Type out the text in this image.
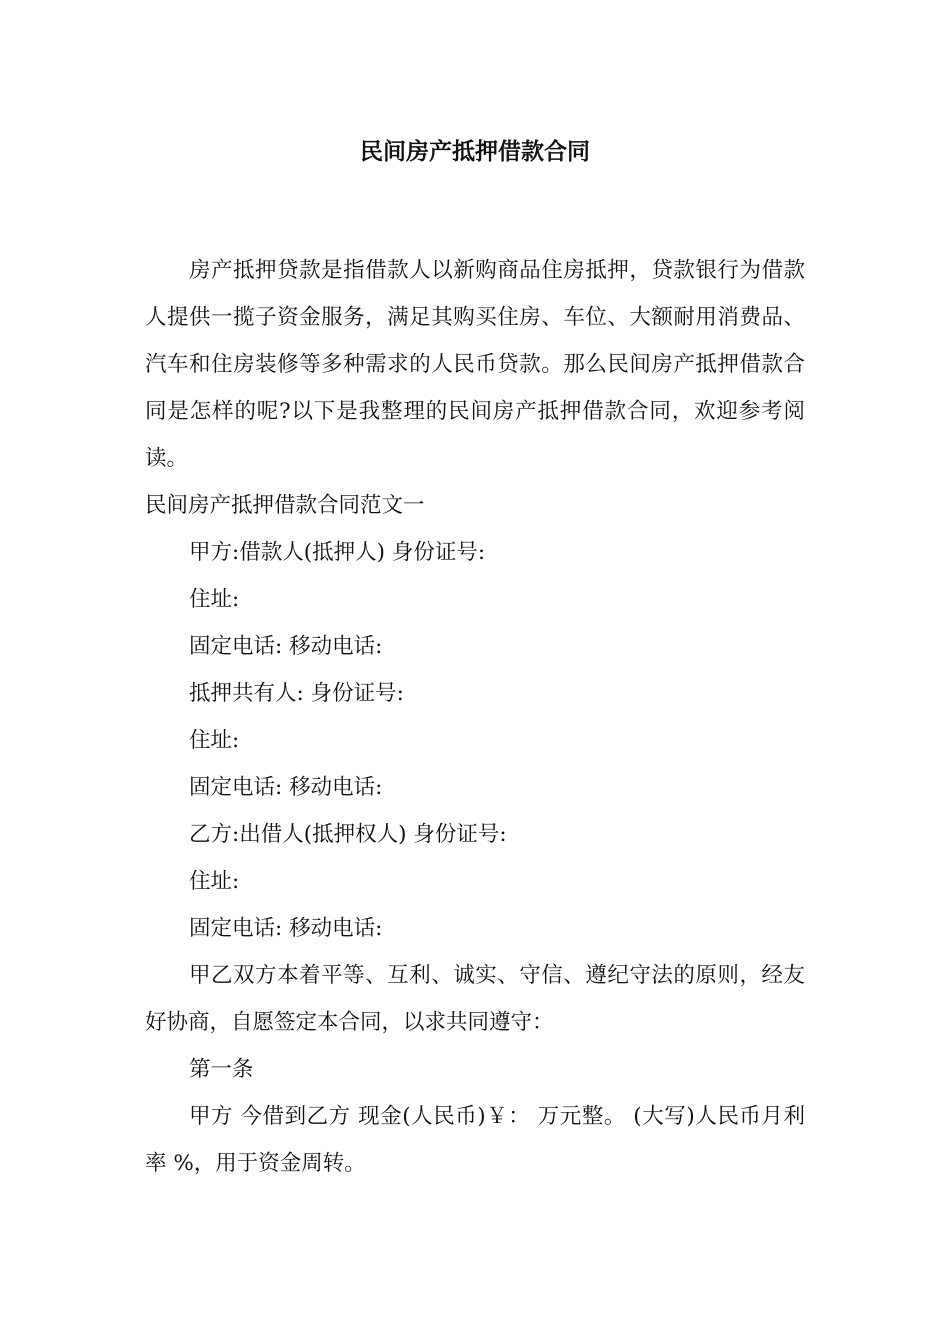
民间房产抵押借款合同

房产抵押贷款是指借款人以新购商品住房抵押，贷款银行为借款人提供一揽子资金服务，满足其购买住房、车位、大额耐用消费品、汽车和住房装修等多种需求的人民币贷款。那么民间房产抵押借款合同是怎样的呢?以下是我整理的民间房产抵押借款合同，欢迎参考阅读。

民间房产抵押借款合同范文一

甲方:借款人(抵押人) 身份证号:

住址:

固定电话: 移动电话:

抵押共有人: 身份证号:

住址:

固定电话: 移动电话:

乙方:出借人(抵押权人) 身份证号:

住址:

固定电话: 移动电话:

甲乙双方本着平等、互利、诚实、守信、遵纪守法的原则，经友好协商，自愿签定本合同，以求共同遵守：

第一条

甲方 今借到乙方 现金(人民币)￥： 万元整。 (大写)人民币月利率 %，用于资金周转。
